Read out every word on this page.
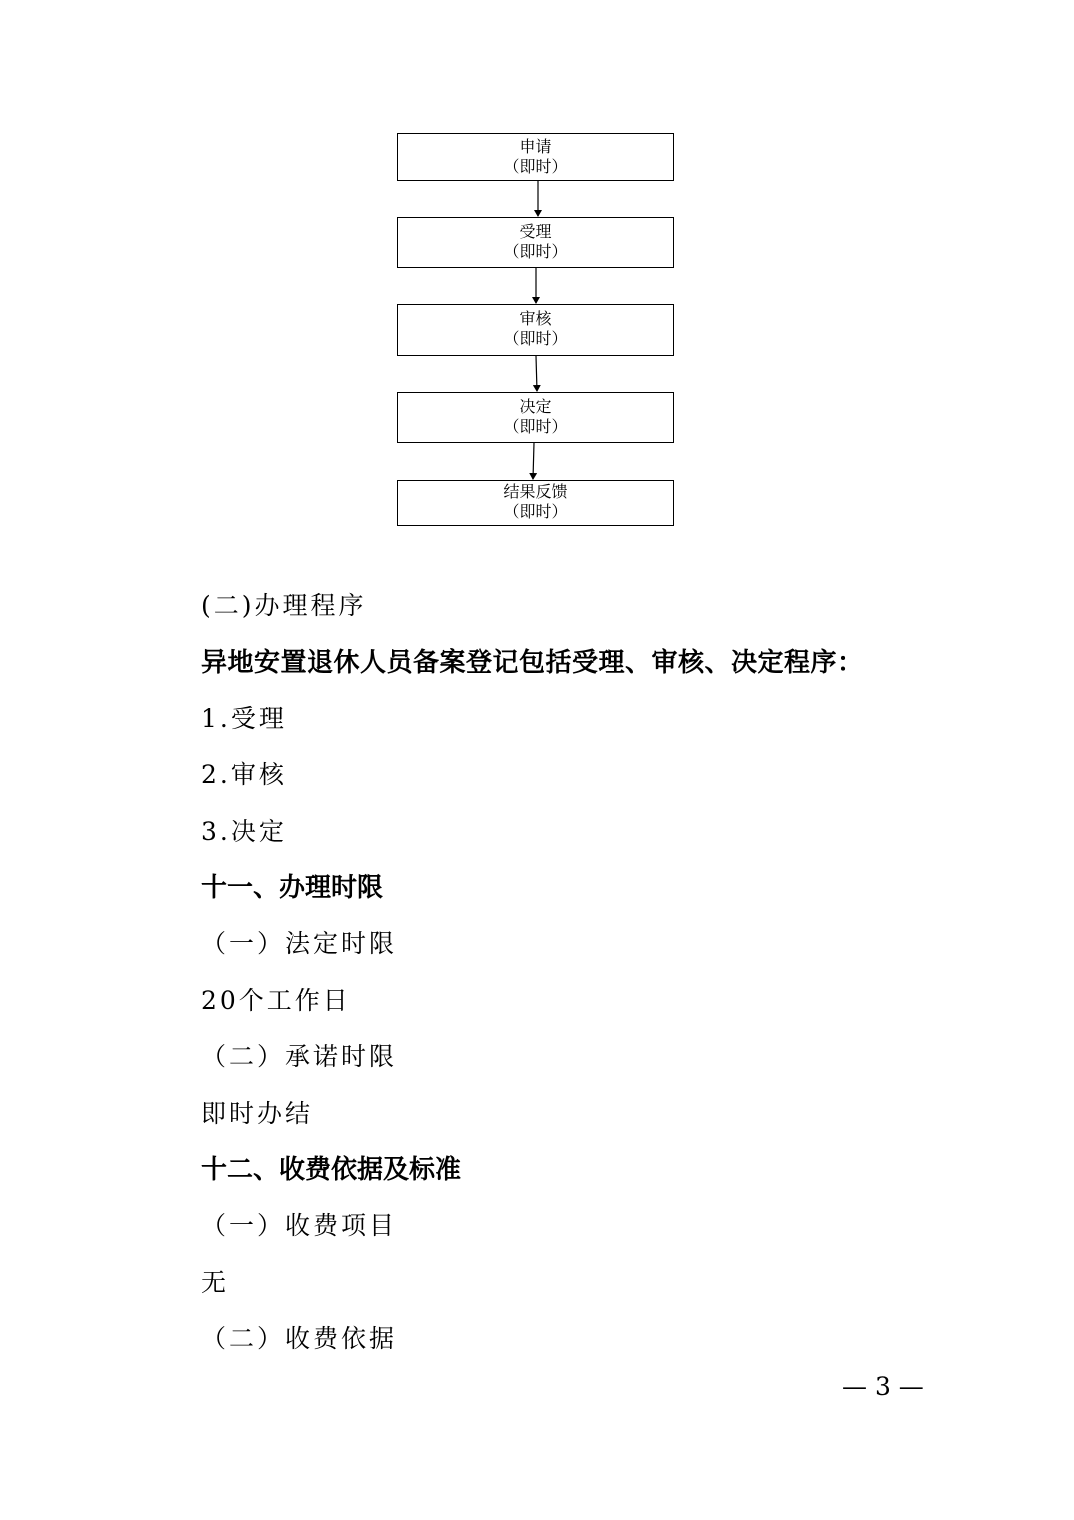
申请
（即时）
受理
（即时）
审核
（即时）
决定
（即时）
结果反馈
（即时）
(二)办理程序
异地安置退休人员备案登记包括受理、审核、决定程序：
1.受理
2.审核
3.决定
十一、办理时限
（一）法定时限
20个工作日
（二）承诺时限
即时办结
十二、收费依据及标准
（一）收费项目
无
（二）收费依据
— 3 —
